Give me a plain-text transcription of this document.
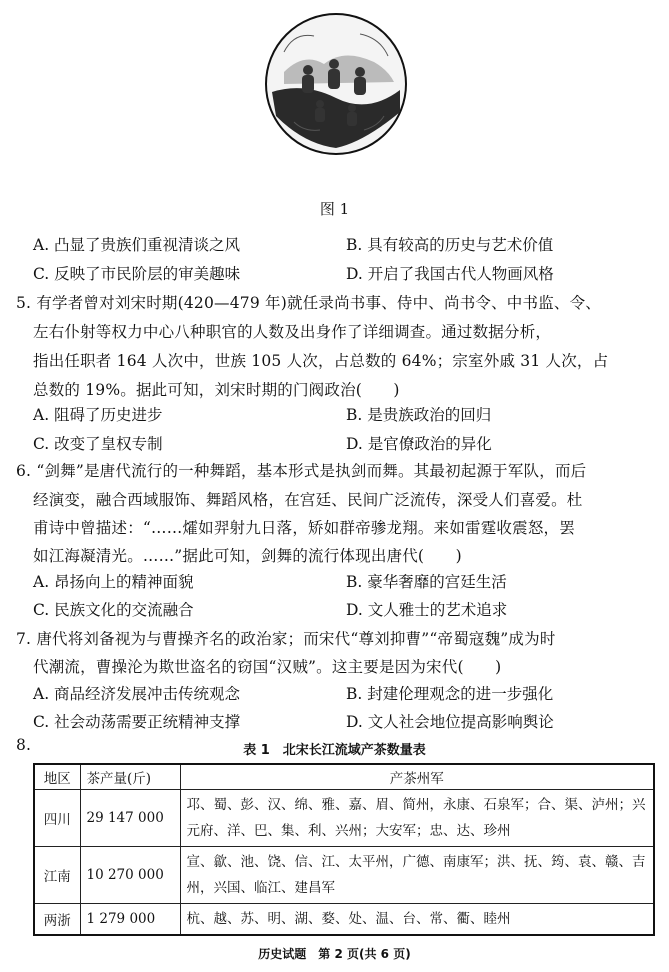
图 1
A. 凸显了贵族们重视清谈之风	B. 具有较高的历史与艺术价值
C. 反映了市民阶层的审美趣味	D. 开启了我国古代人物画风格
5. 有学者曾对刘宋时期(420—479 年)就任录尚书事、侍中、尚书令、中书监、令、
左右仆射等权力中心八种职官的人数及出身作了详细调查。通过数据分析，
指出任职者 164 人次中，世族 105 人次，占总数的 64%；宗室外戚 31 人次，占
总数的 19%。据此可知，刘宋时期的门阀政治(　　)
A. 阻碍了历史进步	B. 是贵族政治的回归
C. 改变了皇权专制	D. 是官僚政治的异化
6. “剑舞”是唐代流行的一种舞蹈，基本形式是执剑而舞。其最初起源于军队，而后
经演变，融合西域服饰、舞蹈风格，在宫廷、民间广泛流传，深受人们喜爱。杜
甫诗中曾描述：“……㸌如羿射九日落，矫如群帝骖龙翔。来如雷霆收震怒，罢
如江海凝清光。……”据此可知，剑舞的流行体现出唐代(　　)
A. 昂扬向上的精神面貌	B. 豪华奢靡的宫廷生活
C. 民族文化的交流融合	D. 文人雅士的艺术追求
7. 唐代将刘备视为与曹操齐名的政治家；而宋代“尊刘抑曹”“帝蜀寇魏”成为时
代潮流，曹操沦为欺世盗名的窃国“汉贼”。这主要是因为宋代(　　)
A. 商品经济发展冲击传统观念	B. 封建伦理观念的进一步强化
C. 社会动荡需要正统精神支撑	D. 文人社会地位提高影响舆论
8.	表 1　北宋长江流域产茶数量表
地区	茶产量(斤)	产茶州军
四川	29 147 000	邛、蜀、彭、汉、绵、雅、嘉、眉、简州，永康、石泉军；合、渠、泸州；兴元府、洋、巴、集、利、兴州；大安军；忠、达、珍州
江南	10 270 000	宣、歙、池、饶、信、江、太平州，广德、南康军；洪、抚、筠、袁、赣、吉州，兴国、临江、建昌军
两浙	1 279 000	杭、越、苏、明、湖、婺、处、温、台、常、衢、睦州
历史试题　第 2 页(共 6 页)
